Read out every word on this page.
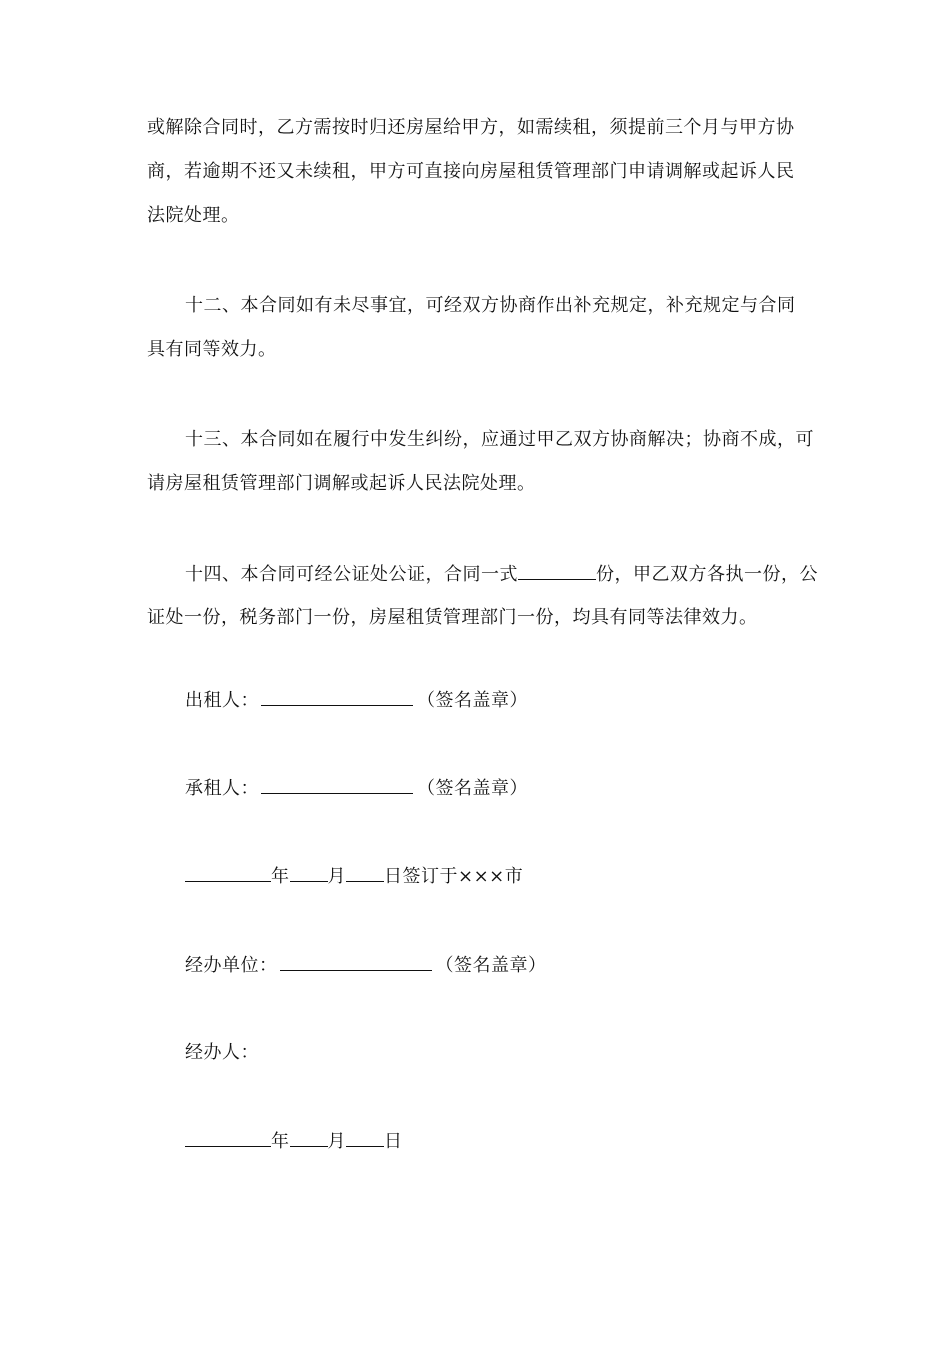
或解除合同时，乙方需按时归还房屋给甲方，如需续租，须提前三个月与甲方协
商，若逾期不还又未续租，甲方可直接向房屋租赁管理部门申请调解或起诉人民
法院处理。
十二、本合同如有未尽事宜，可经双方协商作出补充规定，补充规定与合同
具有同等效力。
十三、本合同如在履行中发生纠纷，应通过甲乙双方协商解决；协商不成，可
请房屋租赁管理部门调解或起诉人民法院处理。
十四、本合同可经公证处公证，合同一式	份，甲乙双方各执一份，公
证处一份，税务部门一份，房屋租赁管理部门一份，均具有同等法律效力。
出租人：	（签名盖章）
承租人：	（签名盖章）
年 月 日签订于×××市
经办单位：	（签名盖章）
经办人：
年 月 日
